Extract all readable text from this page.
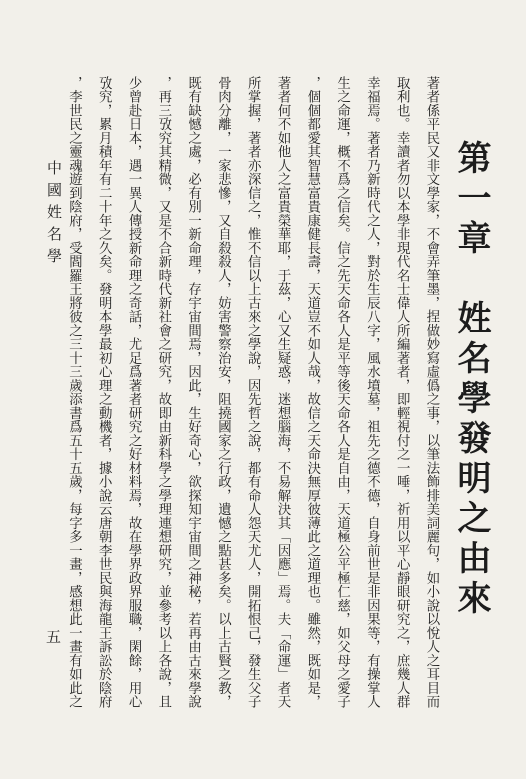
第一章　姓名學發明之由來
著者係平民又非文學家，不會弄筆墨，捏做妙寫虛僞之事，以筆法飾排美詞麗句，如小說以悅人之耳目而
取利也。幸讀者勿以本學非現代名士偉人所編著者，即輕視付之一唾，祈用以平心靜眼研究之，庶幾人群
幸福焉。著者乃新時代之人，對於生辰八字，風水墳墓，祖先之德不德，自身前世是非因果等，有操掌人
生之命運，概不爲之信矣。信之先天命各人是平等後天命各人是自由，天道極公平極仁慈，如父母之愛子
，個個都愛其智慧富貴康健長壽，天道豈不如人哉，故信之天命決無厚彼薄此之道理也。雖然，既如是，
著者何不如他人之富貴榮華耶，于茲，心又生疑惑，迷想腦海，不易解決其「因應」焉。夫「命運」者天
所掌握，著者亦深信之，惟不信以上古來之學說，因先哲之說，都有命人怨天尤人，開拓恨己，發生父子
骨肉分離，一家悲慘，又自殺殺人，妨害警察治安，阻撓國家之行政，遺憾之點甚多矣。以上古賢之教，
既有缺憾之處，必有別一新命理，存宇宙間焉，因此，生好奇心，欲探知宇宙間之神秘，若再由古來學說
，再三攷究其精微，又是不合新時代新社會之研究，故即由新科學之學理連想研究，並參考以上各說，且
少曾赴日本，遇一異人傳授新命理之奇話，尤足爲著者研究之好材料焉，故在學界政界服職，閑餘，用心
攷究，累月積年有二十年之久矣。發明本學最初心理之動機者，據小說云唐朝李世民與海龍王訴訟於陰府
，李世民之靈魂遊到陰府，受閻羅王將彼之三十三歲添書爲五十五歲，每字多一畫，感想此一畫有如此之
中國姓名學
五
